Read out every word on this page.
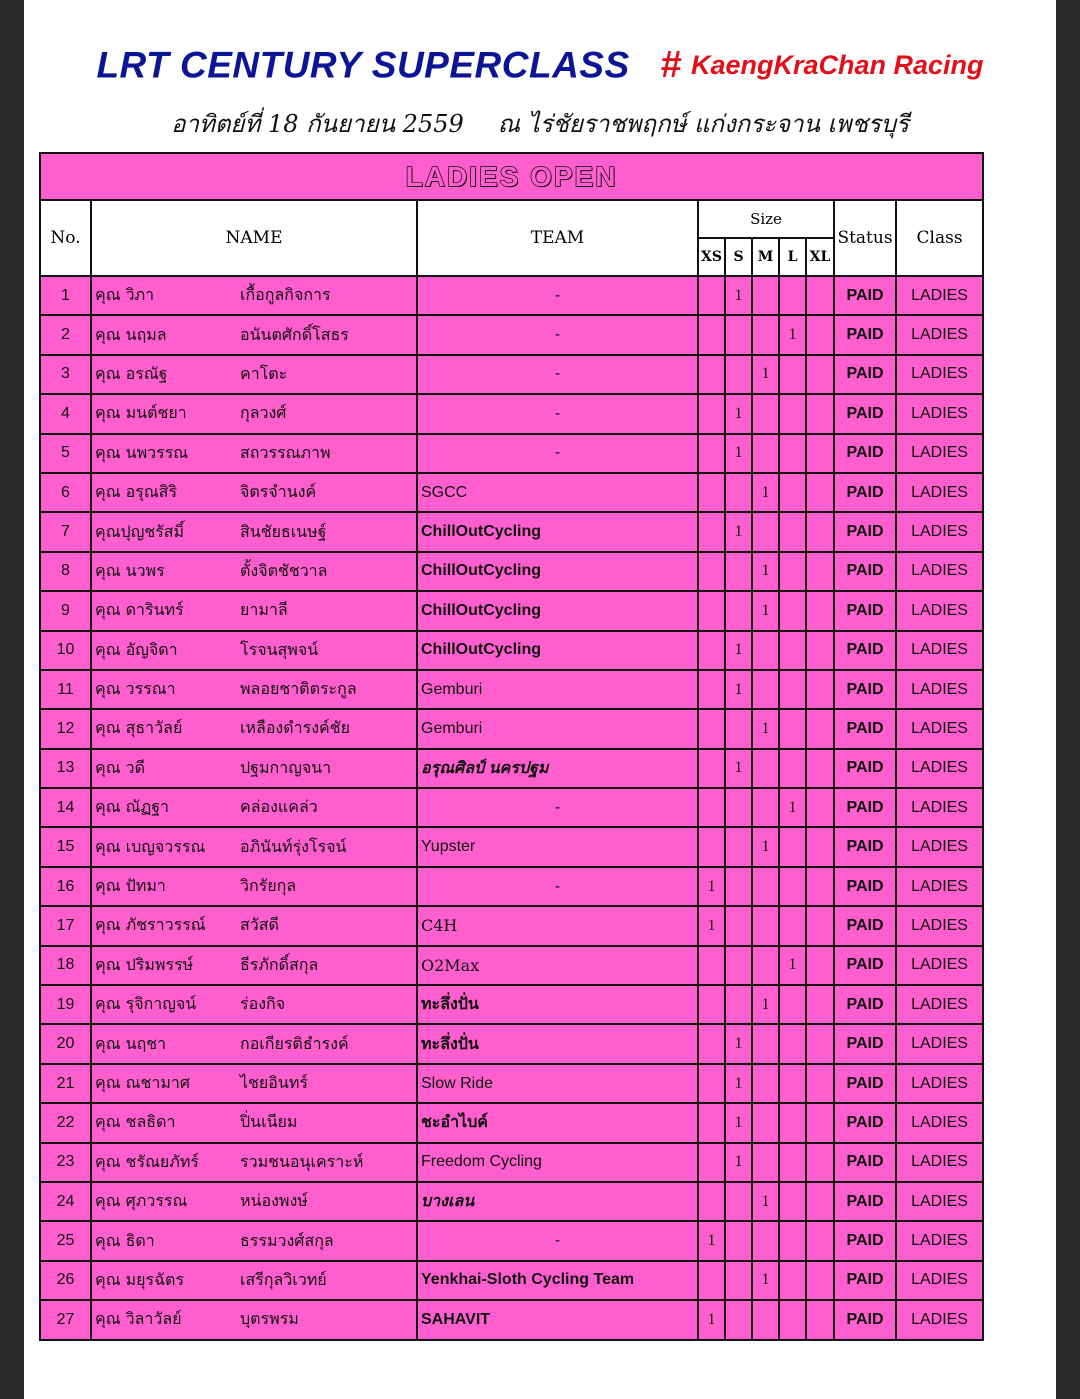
LRT CENTURY SUPERCLASS # KaengKraChan Racing
อาทิตย์ที่ 18 กันยายน 2559 ณ ไร่ชัยราชพฤกษ์ แก่งกระจาน เพชรบุรี
LADIES OPEN									
No.	NAME	TEAM	Size					Status	Class
			XS	S	M	L	XL		
1	คุณ วิภา เกื้อกูลกิจการ	-		1				PAID	LADIES
2	คุณ นฤมล อนันตศักดิ์โสธร	-				1		PAID	LADIES
3	คุณ อรณัฐ คาโตะ	-			1			PAID	LADIES
4	คุณ มนต์ชยา กุลวงศ์	-		1				PAID	LADIES
5	คุณ นพวรรณ สถวรรณภาพ	-		1				PAID	LADIES
6	คุณ อรุณสิริ จิตรจำนงค์	SGCC			1			PAID	LADIES
7	คุณปุญชรัสมิ์ สินชัยธเนษฐ์	ChillOutCycling		1				PAID	LADIES
8	คุณ นวพร ตั้งจิตชัชวาล	ChillOutCycling			1			PAID	LADIES
9	คุณ ดารินทร์ ยามาลี	ChillOutCycling			1			PAID	LADIES
10	คุณ อัญจิดา โรจนสุพจน์	ChillOutCycling		1				PAID	LADIES
11	คุณ วรรณา พลอยชาติตระกูล	Gemburi		1				PAID	LADIES
12	คุณ สุธาวัลย์ เหลืองดำรงค์ชัย	Gemburi			1			PAID	LADIES
13	คุณ วดี ปฐมกาญจนา	อรุณศิลป์ นครปฐม		1				PAID	LADIES
14	คุณ ณัฏฐา คล่องแคล่ว	-				1		PAID	LADIES
15	คุณ เบญจวรรณ อภินันท์รุ่งโรจน์	Yupster			1			PAID	LADIES
16	คุณ ปัทมา วิกรัยกุล	-	1					PAID	LADIES
17	คุณ ภัชราวรรณ์ สวัสดี	C4H	1					PAID	LADIES
18	คุณ ปริมพรรษ์ ธีรภักดิ์สกุล	O2Max				1		PAID	LADIES
19	คุณ รุจิกาญจน์ ร่องกิจ	ทะลึ่งปั่น			1			PAID	LADIES
20	คุณ นฤชา กอเกียรติธำรงค์	ทะลึ่งปั่น		1				PAID	LADIES
21	คุณ ณชามาศ ไชยอินทร์	Slow Ride		1				PAID	LADIES
22	คุณ ชลธิดา ปิ่นเนียม	ชะอำไบค์		1				PAID	LADIES
23	คุณ ชรัณยภัทร์ รวมชนอนุเคราะห์	Freedom Cycling		1				PAID	LADIES
24	คุณ ศุภวรรณ หน่องพงษ์	บางเลน			1			PAID	LADIES
25	คุณ ธิดา ธรรมวงศ์สกุล	-	1					PAID	LADIES
26	คุณ มยุรฉัตร เสรีกุลวิเวทย์	Yenkhai-Sloth Cycling Team			1			PAID	LADIES
27	คุณ วิลาวัลย์ บุตรพรม	SAHAVIT	1					PAID	LADIES
